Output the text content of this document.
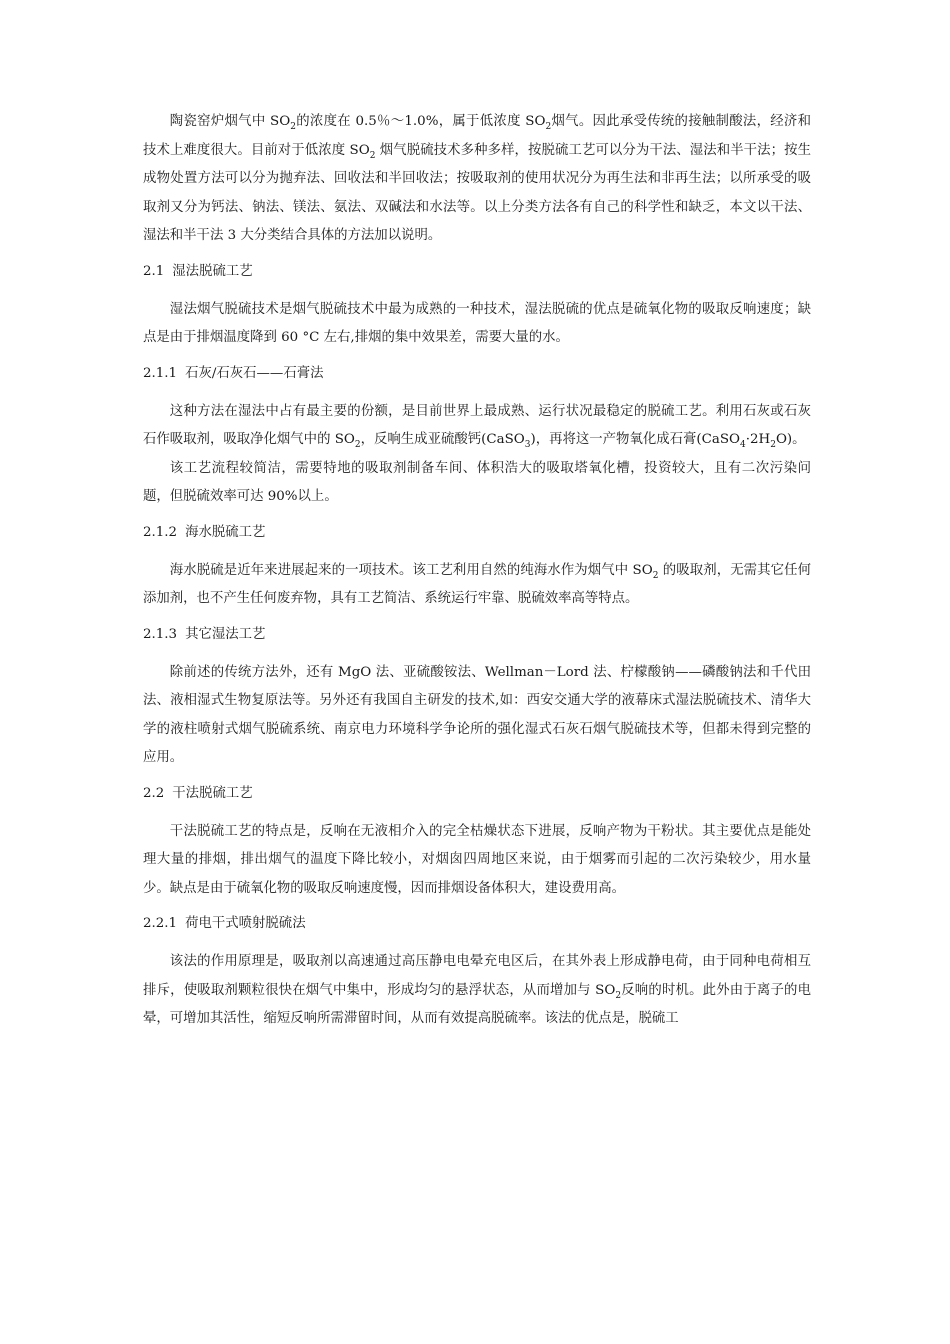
陶瓷窑炉烟气中 $SO_2$的浓度在 0.5％～1.0%，属于低浓度 $SO_2$烟气。因此承受传统的接触制酸法，经济和技术上难度很大。目前对于低浓度 $SO_2$ 烟气脱硫技术多种多样，按脱硫工艺可以分为干法、湿法和半干法；按生成物处置方法可以分为抛弃法、回收法和半回收法；按吸取剂的使用状况分为再生法和非再生法；以所承受的吸取剂又分为钙法、钠法、镁法、氨法、双碱法和水法等。以上分类方法各有自己的科学性和缺乏，本文以干法、湿法和半干法 3 大分类结合具体的方法加以说明。

2.1 湿法脱硫工艺

湿法烟气脱硫技术是烟气脱硫技术中最为成熟的一种技术，湿法脱硫的优点是硫氧化物的吸取反响速度；缺点是由于排烟温度降到 60 °C 左右,排烟的集中效果差，需要大量的水。

2.1.1 石灰/石灰石——石膏法

这种方法在湿法中占有最主要的份额，是目前世界上最成熟、运行状况最稳定的脱硫工艺。利用石灰或石灰石作吸取剂，吸取净化烟气中的 $SO_2$，反响生成亚硫酸钙(CaSO$_3$)，再将这一产物氧化成石膏$(CaSO_4\cdot 2H_2O)$。

该工艺流程较简洁，需要特地的吸取剂制备车间、体积浩大的吸取塔氧化槽，投资较大，且有二次污染问题，但脱硫效率可达 90%以上。

2.1.2 海水脱硫工艺

海水脱硫是近年来进展起来的一项技术。该工艺利用自然的纯海水作为烟气中 $SO_2$ 的吸取剂，无需其它任何添加剂，也不产生任何废弃物，具有工艺简洁、系统运行牢靠、脱硫效率高等特点。

2.1.3 其它湿法工艺

除前述的传统方法外，还有 MgO 法、亚硫酸铵法、Wellman－Lord 法、柠檬酸钠——磷酸钠法和千代田法、液相湿式生物复原法等。另外还有我国自主研发的技术,如：西安交通大学的液幕床式湿法脱硫技术、清华大学的液柱喷射式烟气脱硫系统、南京电力环境科学争论所的强化湿式石灰石烟气脱硫技术等，但都未得到完整的应用。

2.2 干法脱硫工艺

干法脱硫工艺的特点是，反响在无液相介入的完全枯燥状态下进展，反响产物为干粉状。其主要优点是能处理大量的排烟，排出烟气的温度下降比较小，对烟囱四周地区来说，由于烟雾而引起的二次污染较少，用水量少。缺点是由于硫氧化物的吸取反响速度慢，因而排烟设备体积大，建设费用高。

2.2.1 荷电干式喷射脱硫法

该法的作用原理是，吸取剂以高速通过高压静电电晕充电区后，在其外表上形成静电荷，由于同种电荷相互排斥，使吸取剂颗粒很快在烟气中集中，形成均匀的悬浮状态，从而增加与 $SO_2$反响的时机。此外由于离子的电晕，可增加其活性，缩短反响所需滞留时间，从而有效提高脱硫率。该法的优点是，脱硫工
